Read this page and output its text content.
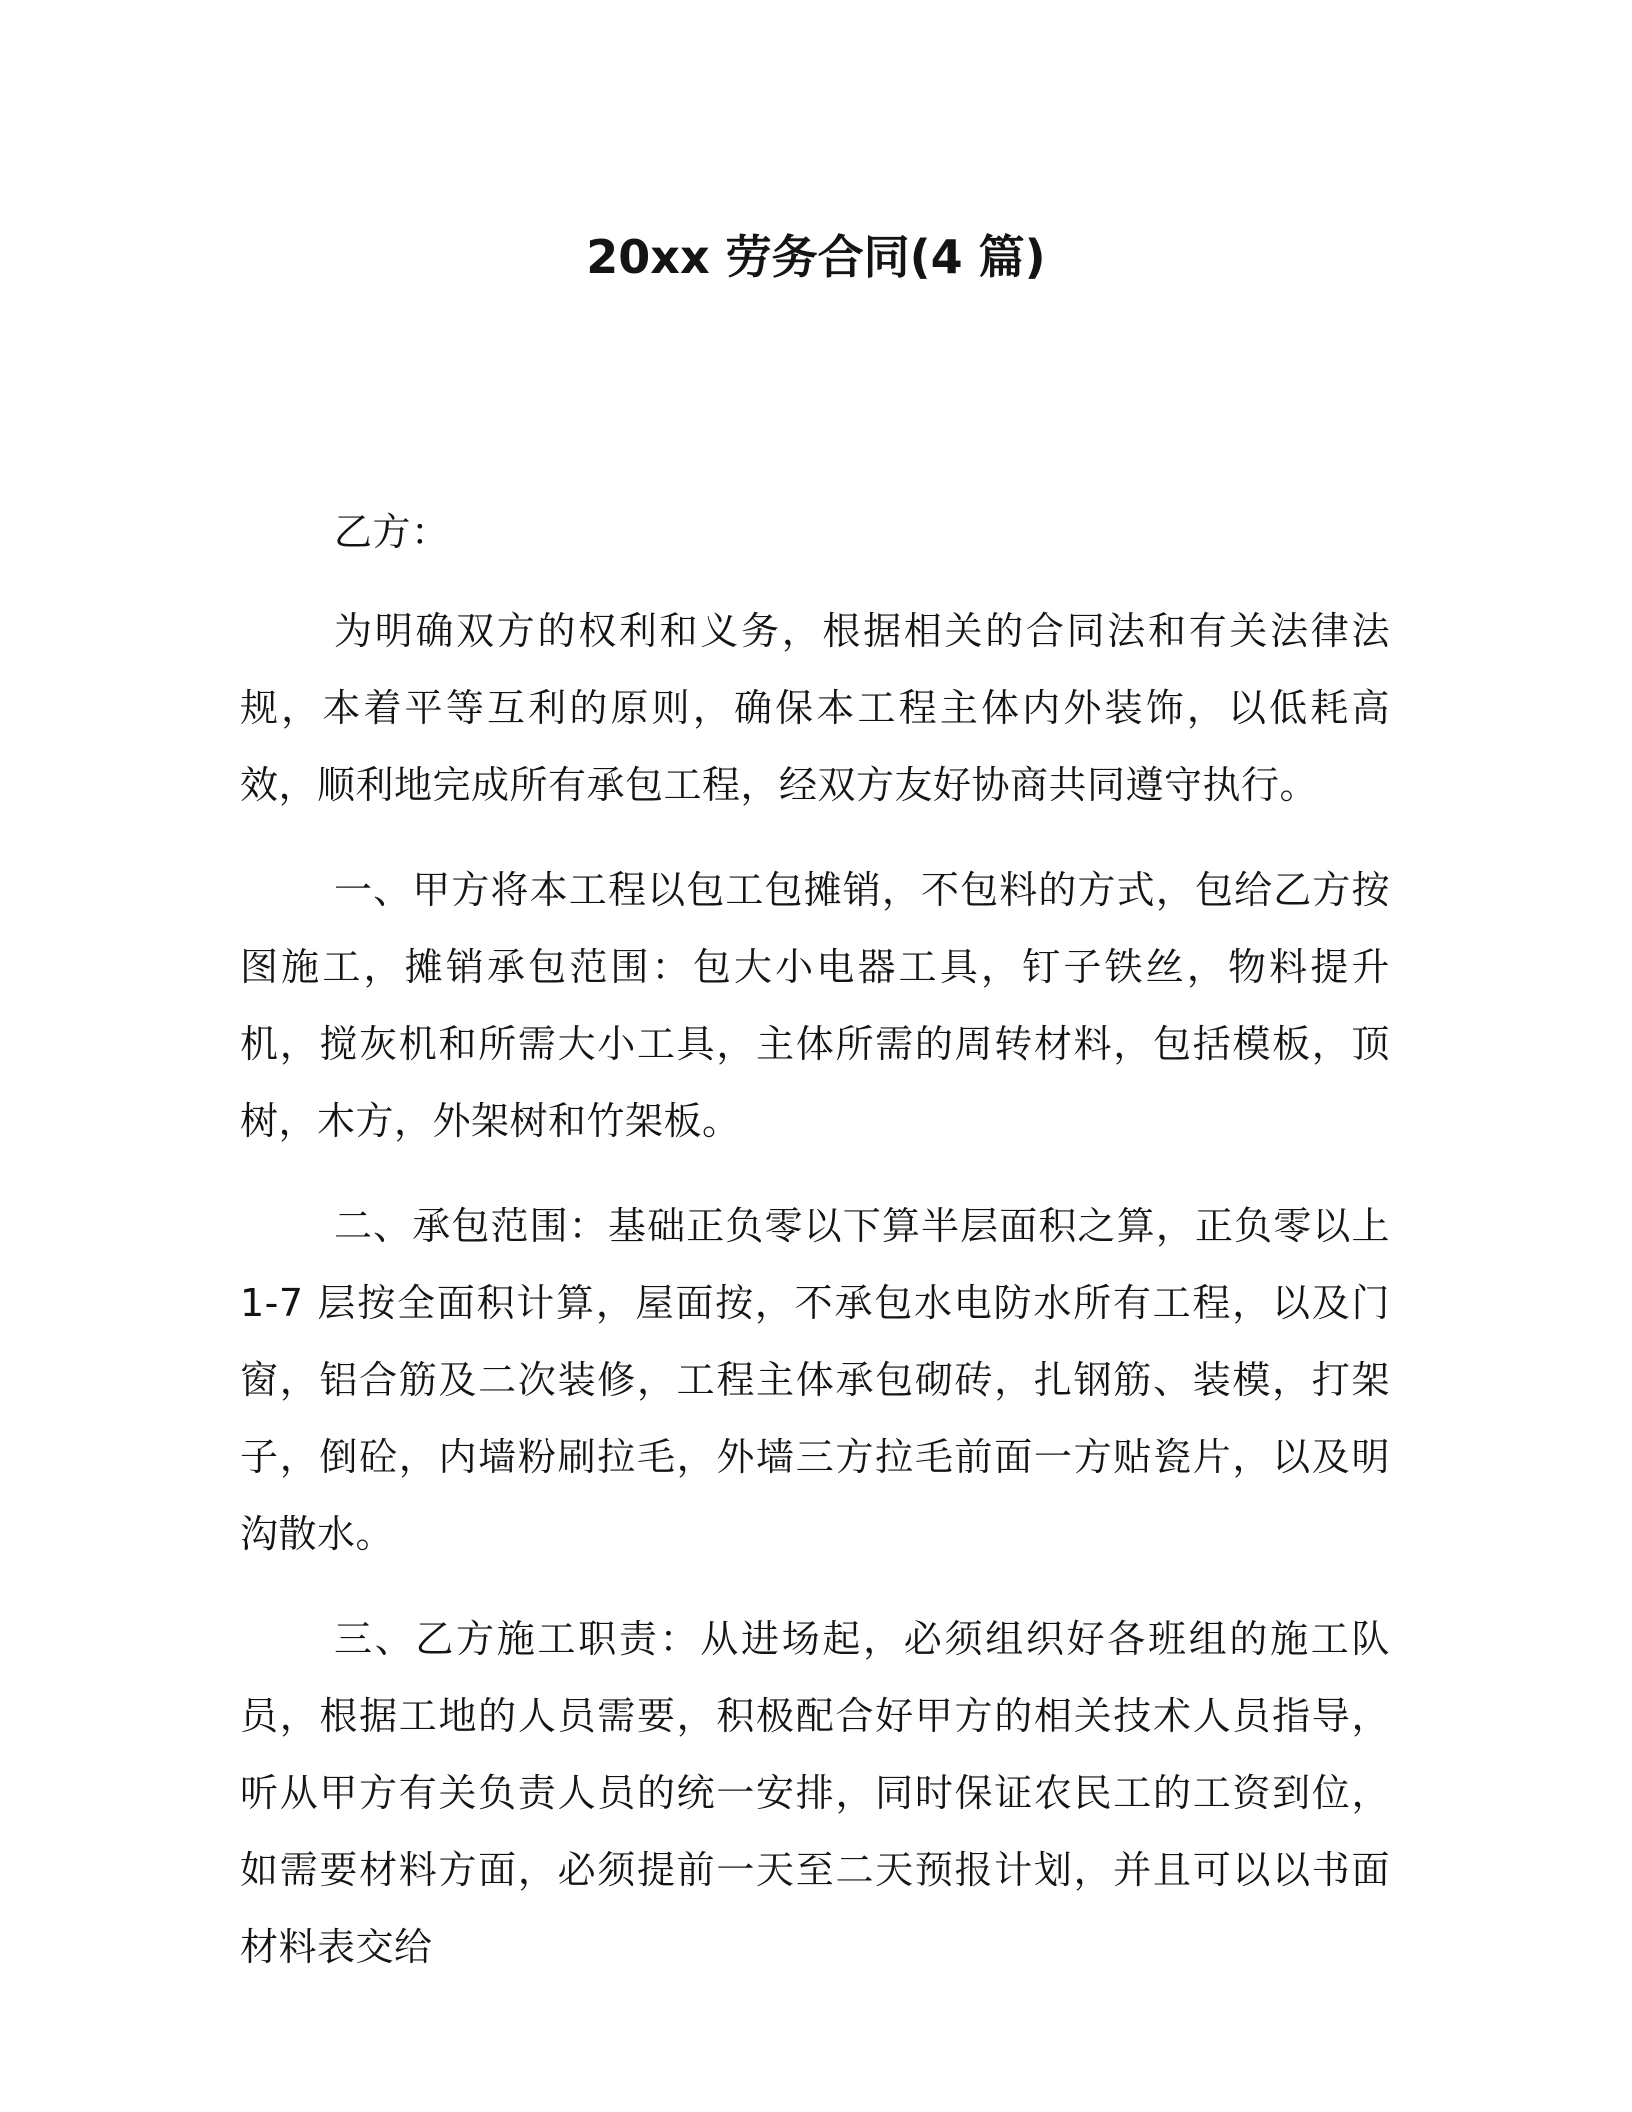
20xx 劳务合同(4 篇)

乙方：

为明确双方的权利和义务，根据相关的合同法和有关法律法规，本着平等互利的原则，确保本工程主体内外装饰，以低耗高效，顺利地完成所有承包工程，经双方友好协商共同遵守执行。

一、甲方将本工程以包工包摊销，不包料的方式，包给乙方按图施工，摊销承包范围：包大小电器工具，钉子铁丝，物料提升机，搅灰机和所需大小工具，主体所需的周转材料，包括模板，顶树，木方，外架树和竹架板。

二、承包范围：基础正负零以下算半层面积之算，正负零以上 1-7 层按全面积计算，屋面按，不承包水电防水所有工程，以及门窗，铝合筋及二次装修，工程主体承包砌砖，扎钢筋、装模，打架子，倒砼，内墙粉刷拉毛，外墙三方拉毛前面一方贴瓷片，以及明沟散水。

三、乙方施工职责：从进场起，必须组织好各班组的施工队员，根据工地的人员需要，积极配合好甲方的相关技术人员指导，听从甲方有关负责人员的统一安排，同时保证农民工的工资到位，如需要材料方面，必须提前一天至二天预报计划，并且可以以书面材料表交给
